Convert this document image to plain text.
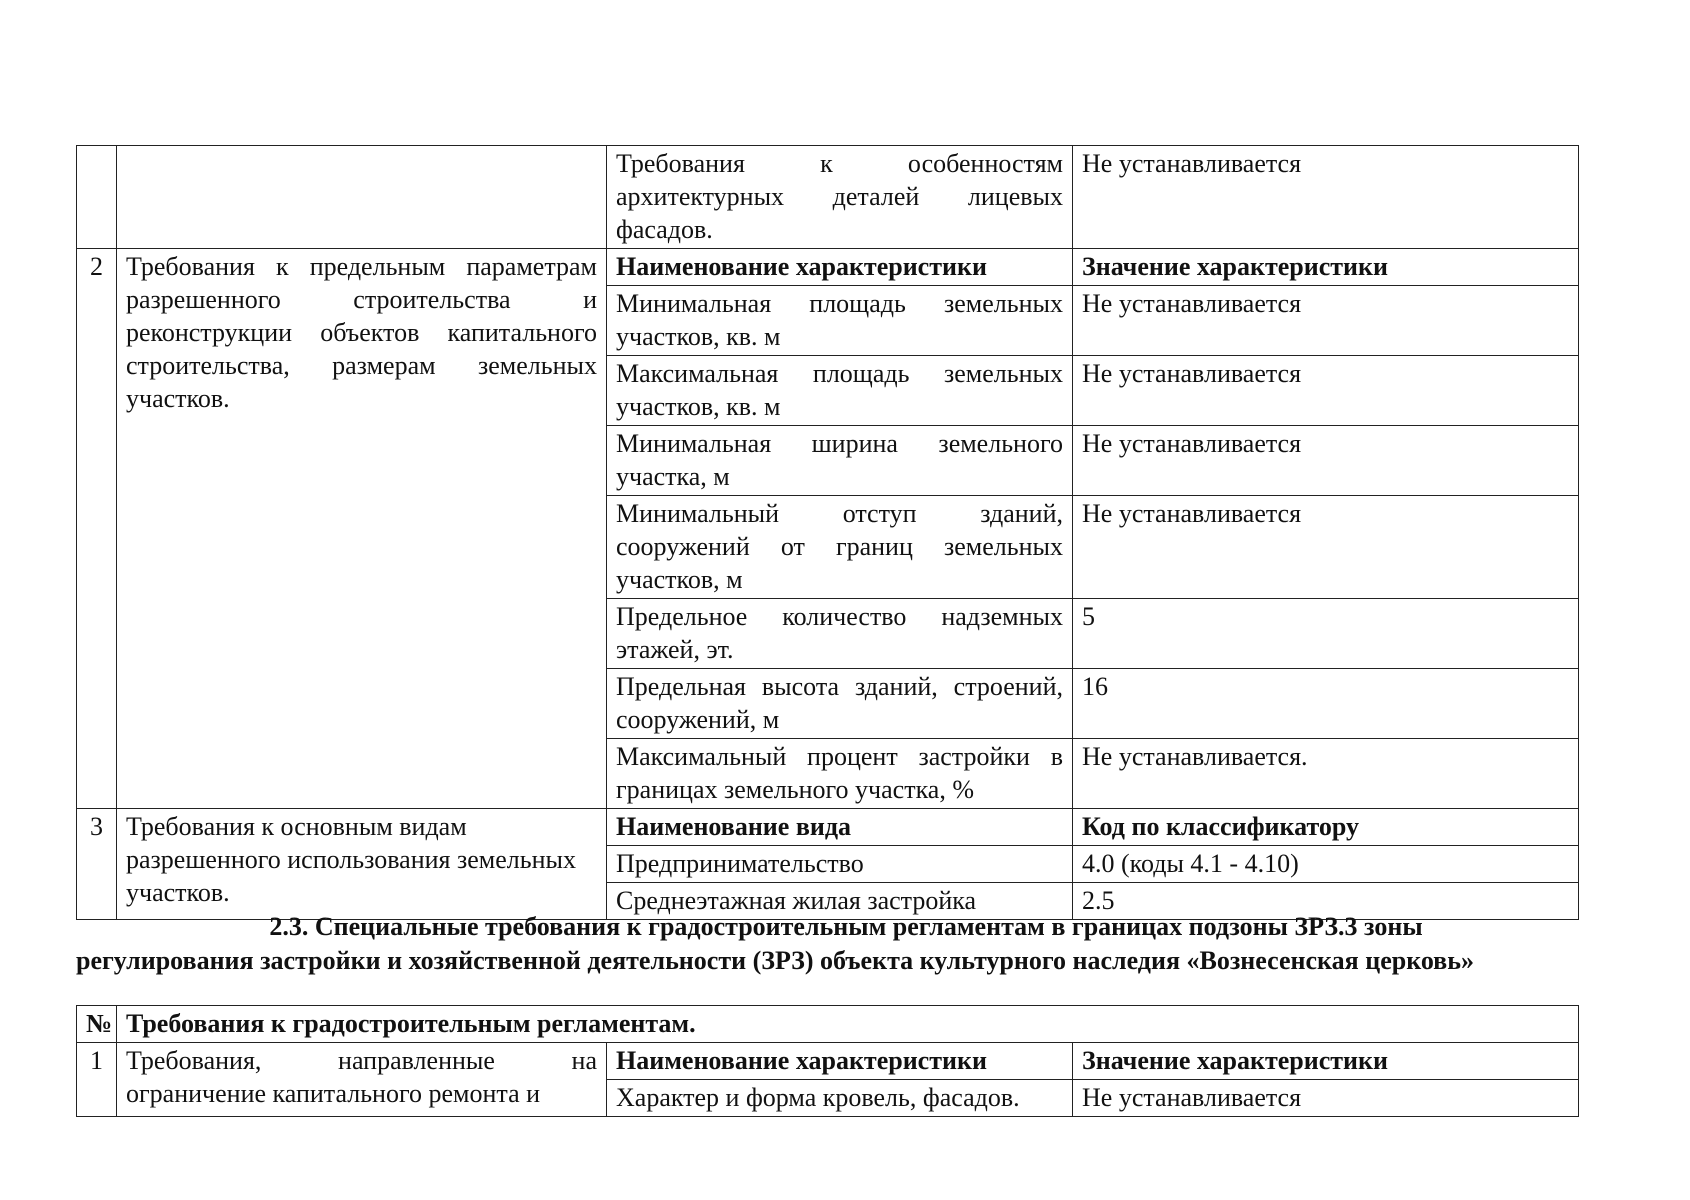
		Требования к особенностям архитектурных деталей лицевых фасадов.	Не устанавливается
2	Требования к предельным параметрам разрешенного строительства и реконструкции объектов капитального строительства, размерам земельных участков.	Наименование характеристики	Значение характеристики
		Минимальная площадь земельных участков, кв. м	Не устанавливается
		Максимальная площадь земельных участков, кв. м	Не устанавливается
		Минимальная ширина земельного участка, м	Не устанавливается
		Минимальный отступ зданий, сооружений от границ земельных участков, м	Не устанавливается
		Предельное количество надземных этажей, эт.	5
		Предельная высота зданий, строений, сооружений, м	16
		Максимальный процент застройки в границах земельного участка, %	Не устанавливается.
3	Требования к основным видам разрешенного использования земельных участков.	Наименование вида	Код по классификатору
		Предпринимательство	4.0 (коды 4.1 - 4.10)
		Среднеэтажная жилая застройка	2.5
2.3. Специальные требования к градостроительным регламентам в границах подзоны ЗРЗ.3 зоны
регулирования застройки и хозяйственной деятельности (ЗРЗ) объекта культурного наследия «Вознесенская церковь»
№	Требования к градостроительным регламентам.		
1	Требования, направленные на ограничение капитального ремонта и	Наименование характеристики	Значение характеристики
		Характер и форма кровель, фасадов.	Не устанавливается
